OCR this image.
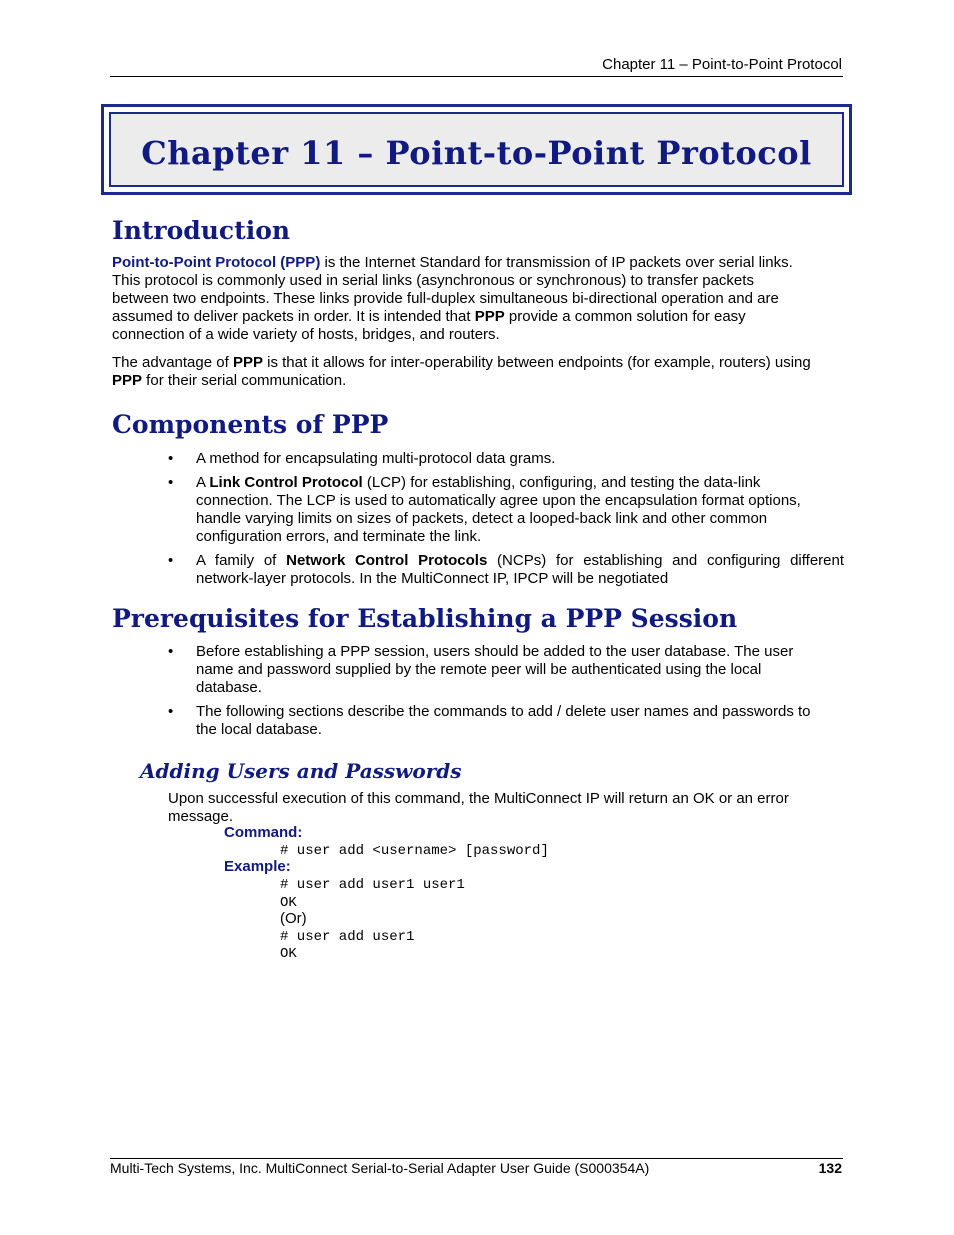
Chapter 11 – Point-to-Point Protocol
Chapter 11 – Point-to-Point Protocol
Introduction
Point-to-Point Protocol (PPP) is the Internet Standard for transmission of IP packets over serial links.
This protocol is commonly used in serial links (asynchronous or synchronous) to transfer packets
between two endpoints. These links provide full-duplex simultaneous bi-directional operation and are
assumed to deliver packets in order. It is intended that PPP provide a common solution for easy
connection of a wide variety of hosts, bridges, and routers.
The advantage of PPP is that it allows for inter-operability between endpoints (for example, routers) using
PPP for their serial communication.
Components of PPP
• A method for encapsulating multi-protocol data grams.
• A Link Control Protocol (LCP) for establishing, configuring, and testing the data-link
connection. The LCP is used to automatically agree upon the encapsulation format options,
handle varying limits on sizes of packets, detect a looped-back link and other common
configuration errors, and terminate the link.
• A family of Network Control Protocols (NCPs) for establishing and configuring different
network-layer protocols. In the MultiConnect IP, IPCP will be negotiated
Prerequisites for Establishing a PPP Session
• Before establishing a PPP session, users should be added to the user database. The user
name and password supplied by the remote peer will be authenticated using the local
database.
• The following sections describe the commands to add / delete user names and passwords to
the local database.
Adding Users and Passwords
Upon successful execution of this command, the MultiConnect IP will return an OK or an error
message.
Command:
# user add <username> [password]
Example:
# user add user1 user1
OK
(Or)
# user add user1
OK
Multi-Tech Systems, Inc. MultiConnect Serial-to-Serial Adapter User Guide (S000354A)	132
